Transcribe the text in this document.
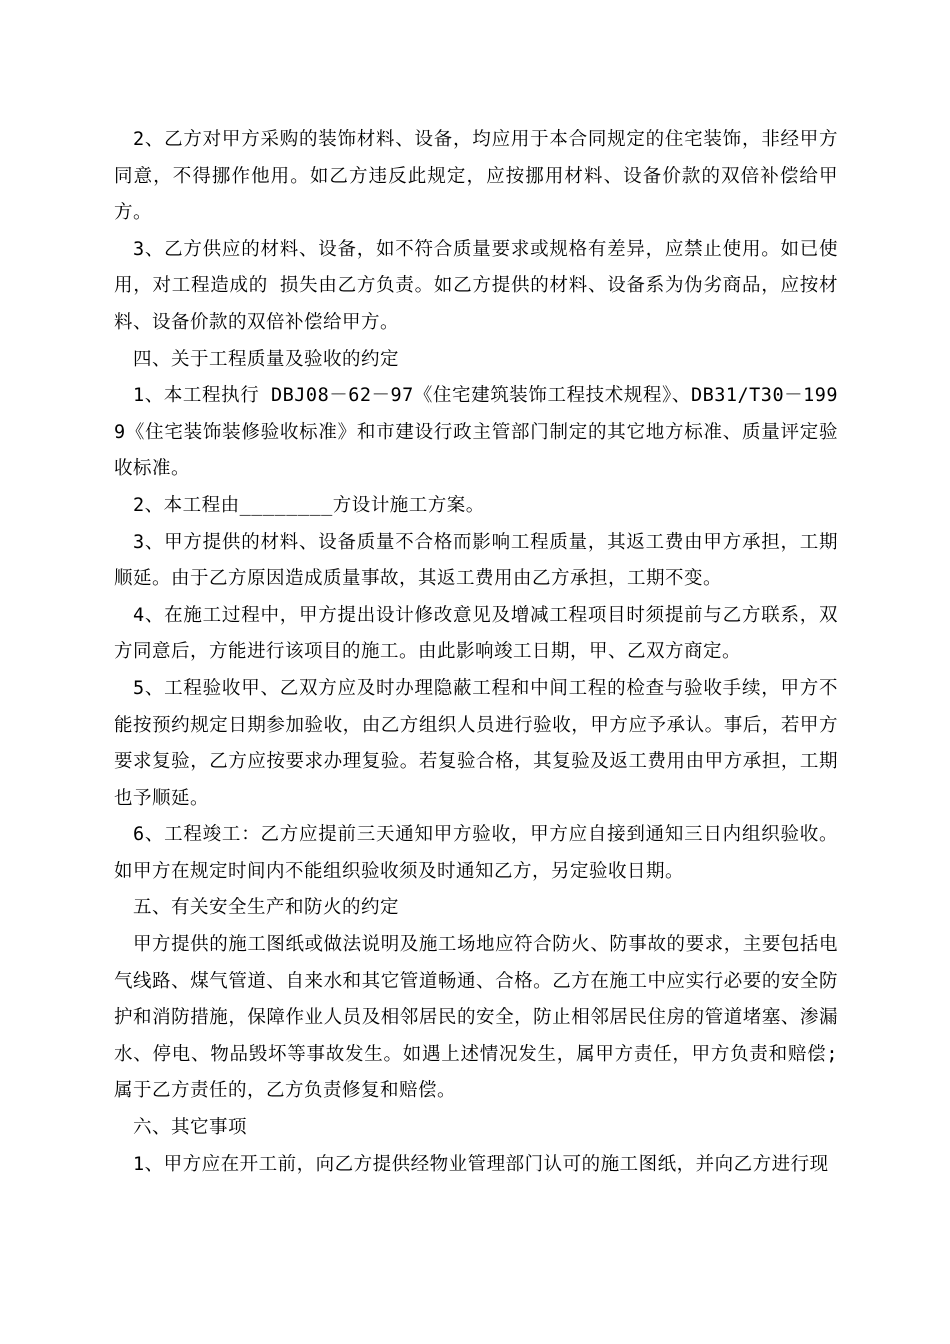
2、乙方对甲方采购的装饰材料、设备，均应用于本合同规定的住宅装饰，非经甲方同意，不得挪作他用。如乙方违反此规定，应按挪用材料、设备价款的双倍补偿给甲方。

3、乙方供应的材料、设备，如不符合质量要求或规格有差异，应禁止使用。如已使用，对工程造成的 损失由乙方负责。如乙方提供的材料、设备系为伪劣商品，应按材料、设备价款的双倍补偿给甲方。

四、关于工程质量及验收的约定

1、本工程执行 DBJ08－62－97《住宅建筑装饰工程技术规程》、DB31/T30－1999《住宅装饰装修验收标准》和市建设行政主管部门制定的其它地方标准、质量评定验收标准。

2、本工程由________方设计施工方案。

3、甲方提供的材料、设备质量不合格而影响工程质量，其返工费由甲方承担，工期顺延。由于乙方原因造成质量事故，其返工费用由乙方承担，工期不变。

4、在施工过程中，甲方提出设计修改意见及增减工程项目时须提前与乙方联系，双方同意后，方能进行该项目的施工。由此影响竣工日期，甲、乙双方商定。

5、工程验收甲、乙双方应及时办理隐蔽工程和中间工程的检查与验收手续，甲方不能按预约规定日期参加验收，由乙方组织人员进行验收，甲方应予承认。事后，若甲方要求复验，乙方应按要求办理复验。若复验合格，其复验及返工费用由甲方承担，工期也予顺延。

6、工程竣工：乙方应提前三天通知甲方验收，甲方应自接到通知三日内组织验收。如甲方在规定时间内不能组织验收须及时通知乙方，另定验收日期。

五、有关安全生产和防火的约定

甲方提供的施工图纸或做法说明及施工场地应符合防火、防事故的要求，主要包括电气线路、煤气管道、自来水和其它管道畅通、合格。乙方在施工中应实行必要的安全防护和消防措施，保障作业人员及相邻居民的安全，防止相邻居民住房的管道堵塞、渗漏水、停电、物品毁坏等事故发生。如遇上述情况发生，属甲方责任，甲方负责和赔偿;属于乙方责任的，乙方负责修复和赔偿。

六、其它事项

1、甲方应在开工前，向乙方提供经物业管理部门认可的施工图纸，并向乙方进行现
